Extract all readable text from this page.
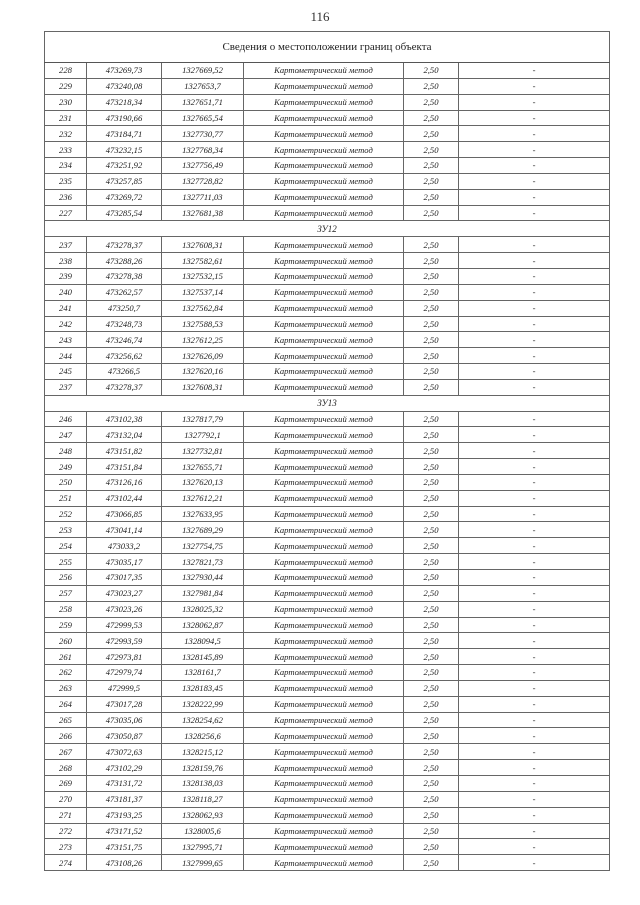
116
Сведения о местоположении границ объекта					
228	473269,73	1327669,52	Картометрический метод	2,50	-
229	473240,08	1327653,7	Картометрический метод	2,50	-
230	473218,34	1327651,71	Картометрический метод	2,50	-
231	473190,66	1327665,54	Картометрический метод	2,50	-
232	473184,71	1327730,77	Картометрический метод	2,50	-
233	473232,15	1327768,34	Картометрический метод	2,50	-
234	473251,92	1327756,49	Картометрический метод	2,50	-
235	473257,85	1327728,82	Картометрический метод	2,50	-
236	473269,72	1327711,03	Картометрический метод	2,50	-
227	473285,54	1327681,38	Картометрический метод	2,50	-
ЗУ12					
237	473278,37	1327608,31	Картометрический метод	2,50	-
238	473288,26	1327582,61	Картометрический метод	2,50	-
239	473278,38	1327532,15	Картометрический метод	2,50	-
240	473262,57	1327537,14	Картометрический метод	2,50	-
241	473250,7	1327562,84	Картометрический метод	2,50	-
242	473248,73	1327588,53	Картометрический метод	2,50	-
243	473246,74	1327612,25	Картометрический метод	2,50	-
244	473256,62	1327626,09	Картометрический метод	2,50	-
245	473266,5	1327620,16	Картометрический метод	2,50	-
237	473278,37	1327608,31	Картометрический метод	2,50	-
ЗУ13					
246	473102,38	1327817,79	Картометрический метод	2,50	-
247	473132,04	1327792,1	Картометрический метод	2,50	-
248	473151,82	1327732,81	Картометрический метод	2,50	-
249	473151,84	1327655,71	Картометрический метод	2,50	-
250	473126,16	1327620,13	Картометрический метод	2,50	-
251	473102,44	1327612,21	Картометрический метод	2,50	-
252	473066,85	1327633,95	Картометрический метод	2,50	-
253	473041,14	1327689,29	Картометрический метод	2,50	-
254	473033,2	1327754,75	Картометрический метод	2,50	-
255	473035,17	1327821,73	Картометрический метод	2,50	-
256	473017,35	1327930,44	Картометрический метод	2,50	-
257	473023,27	1327981,84	Картометрический метод	2,50	-
258	473023,26	1328025,32	Картометрический метод	2,50	-
259	472999,53	1328062,87	Картометрический метод	2,50	-
260	472993,59	1328094,5	Картометрический метод	2,50	-
261	472973,81	1328145,89	Картометрический метод	2,50	-
262	472979,74	1328161,7	Картометрический метод	2,50	-
263	472999,5	1328183,45	Картометрический метод	2,50	-
264	473017,28	1328222,99	Картометрический метод	2,50	-
265	473035,06	1328254,62	Картометрический метод	2,50	-
266	473050,87	1328256,6	Картометрический метод	2,50	-
267	473072,63	1328215,12	Картометрический метод	2,50	-
268	473102,29	1328159,76	Картометрический метод	2,50	-
269	473131,72	1328138,03	Картометрический метод	2,50	-
270	473181,37	1328118,27	Картометрический метод	2,50	-
271	473193,25	1328062,93	Картометрический метод	2,50	-
272	473171,52	1328005,6	Картометрический метод	2,50	-
273	473151,75	1327995,71	Картометрический метод	2,50	-
274	473108,26	1327999,65	Картометрический метод	2,50	-
